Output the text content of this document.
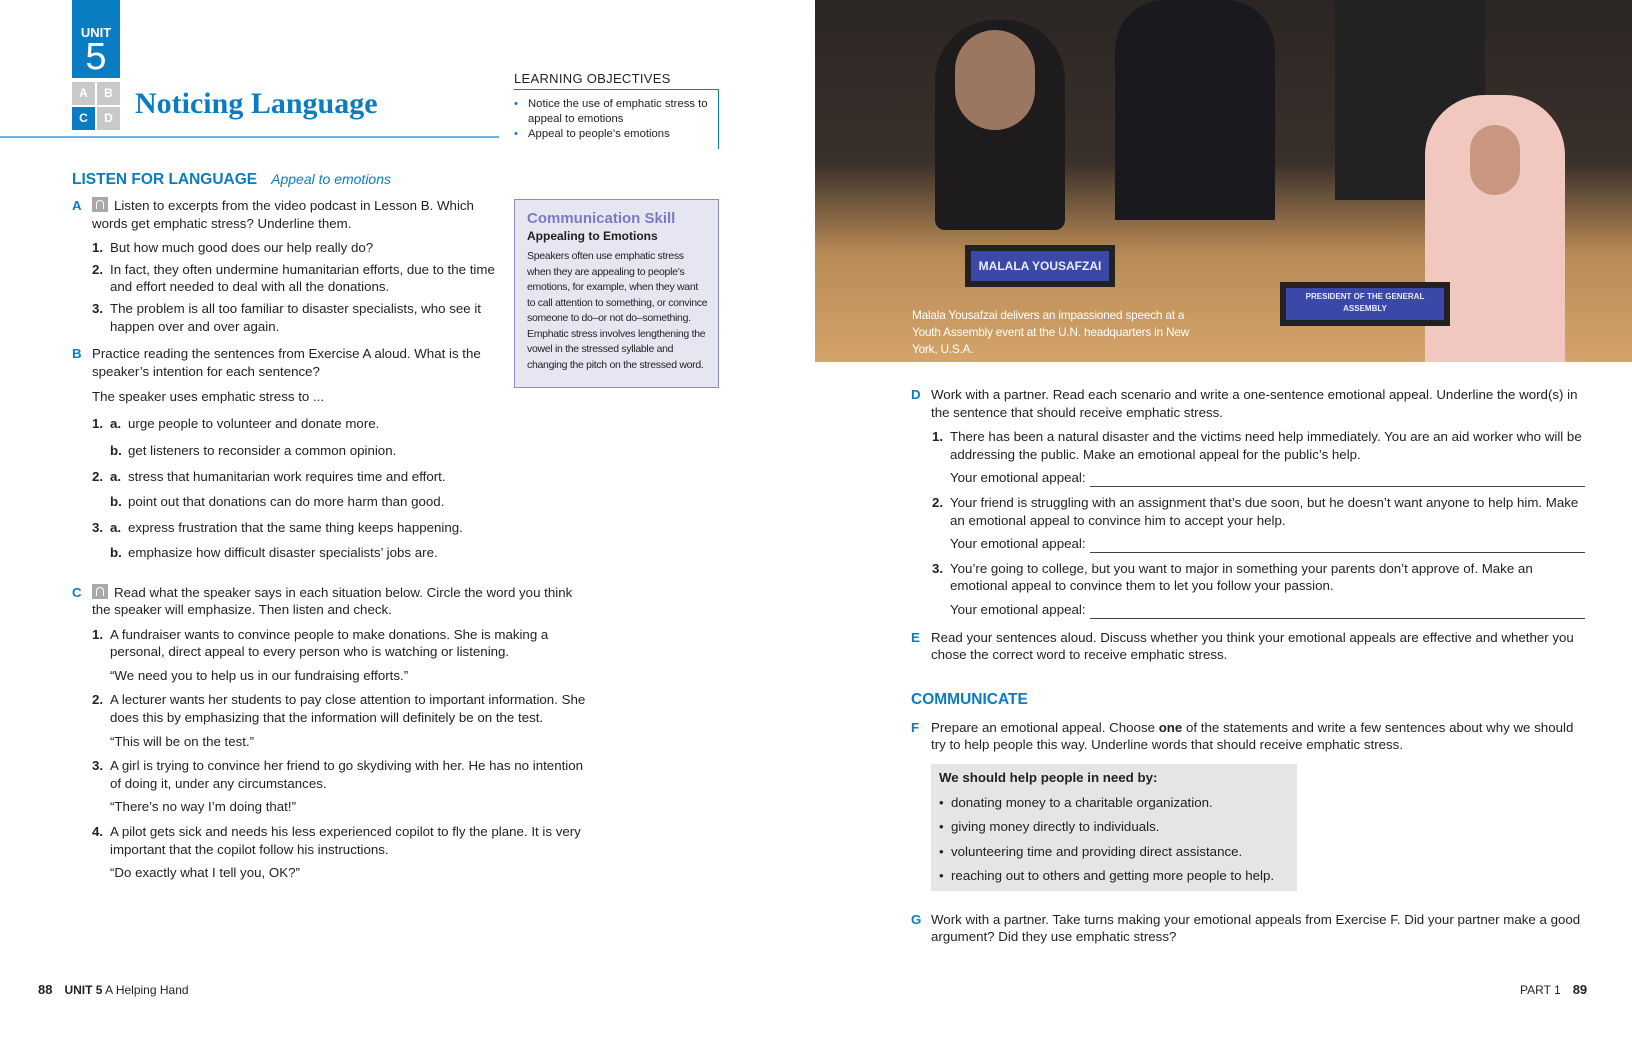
UNIT
5
A	B
C	D Noticing Language
LEARNING OBJECTIVES
• Notice the use of emphatic stress to appeal to emotions
• Appeal to people’s emotions
Communication Skill
Appealing to Emotions

Speakers often use emphatic stress when they are appealing to people’s emotions, for example, when they want to call attention to something, or convince someone to do–or not do–something. Emphatic stress involves lengthening the vowel in the stressed syllable and changing the pitch on the stressed word.

LISTEN FOR LANGUAGE Appeal to emotions
A	Listen to excerpts from the video podcast in Lesson B. Which words get emphatic stress? Underline them.
1. But how much good does our help really do?
2. In fact, they often undermine humanitarian efforts, due to the time and effort needed to deal with all the donations.
3. The problem is all too familiar to disaster specialists, who see it happen over and over again.
B Practice reading the sentences from Exercise A aloud. What is the speaker’s intention for each sentence?
The speaker uses emphatic stress to ...
1. a. urge people to volunteer and donate more.
b. get listeners to reconsider a common opinion.
2. a. stress that humanitarian work requires time and effort.
b. point out that donations can do more harm than good.
3. a. express frustration that the same thing keeps happening.
b. emphasize how difficult disaster specialists’ jobs are.
C	Read what the speaker says in each situation below. Circle the word you think the speaker will emphasize. Then listen and check.
1. A fundraiser wants to convince people to make donations. She is making a personal, direct appeal to every person who is watching or listening.
“We need you to help us in our fundraising efforts.”
2. A lecturer wants her students to pay close attention to important information. She does this by emphasizing that the information will definitely be on the test.
“This will be on the test.”
3. A girl is trying to convince her friend to go skydiving with her. He has no intention of doing it, under any circumstances.
“There’s no way I’m doing that!”
4. A pilot gets sick and needs his less experienced copilot to fly the plane. It is very important that the copilot follow his instructions.
“Do exactly what I tell you, OK?”
MALALA YOUSAFZAI
PRESIDENT OF THE GENERAL ASSEMBLY
Malala Yousafzai delivers an impassioned speech at a Youth Assembly event at the U.N. headquarters in New York, U.S.A.
D Work with a partner. Read each scenario and write a one-sentence emotional appeal. Underline the word(s) in the sentence that should receive emphatic stress.
1. There has been a natural disaster and the victims need help immediately. You are an aid worker who will be addressing the public. Make an emotional appeal for the public’s help.
Your emotional appeal:
2. Your friend is struggling with an assignment that’s due soon, but he doesn’t want anyone to help him. Make an emotional appeal to convince him to accept your help.
Your emotional appeal:
3. You’re going to college, but you want to major in something your parents don’t approve of. Make an emotional appeal to convince them to let you follow your passion.
Your emotional appeal:
E Read your sentences aloud. Discuss whether you think your emotional appeals are effective and whether you chose the correct word to receive emphatic stress.
COMMUNICATE
F Prepare an emotional appeal. Choose one of the statements and write a few sentences about why we should try to help people this way. Underline words that should receive emphatic stress.
We should help people in need by:
• donating money to a charitable organization.
• giving money directly to individuals.
• volunteering time and providing direct assistance.
• reaching out to others and getting more people to help.
G Work with a partner. Take turns making your emotional appeals from Exercise F. Did your partner make a good argument? Did they use emphatic stress?
88 UNIT 5 A Helping Hand	PART 1 89
